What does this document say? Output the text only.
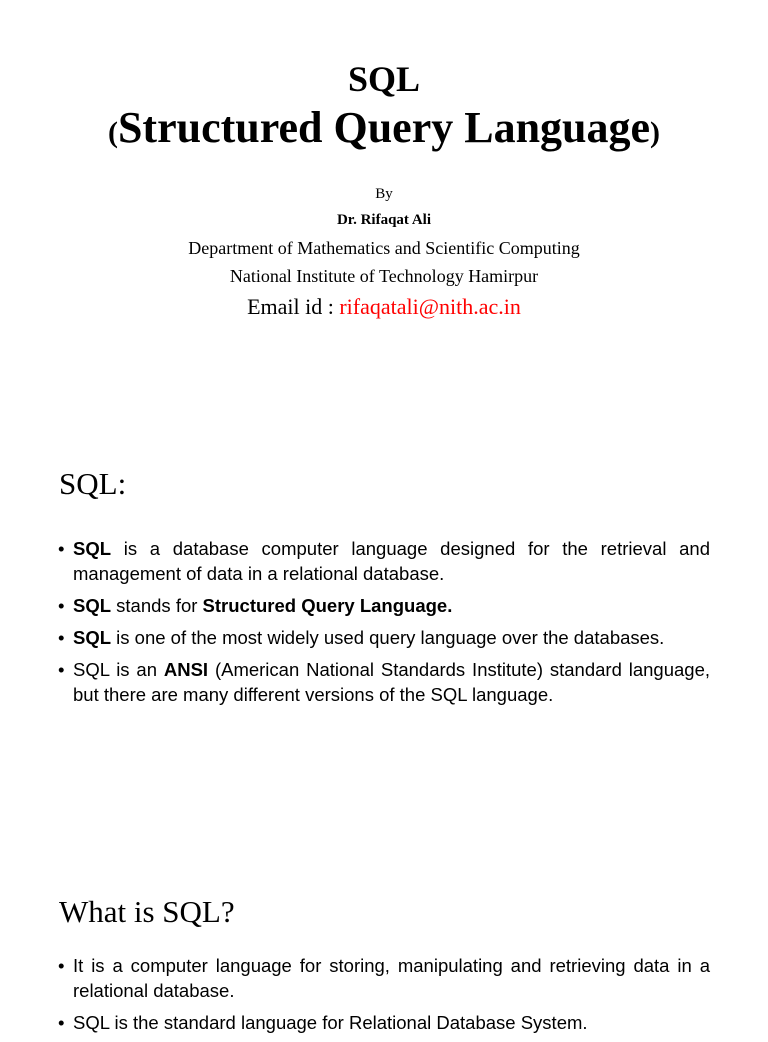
SQL
(Structured Query Language)
By
Dr. Rifaqat Ali
Department of Mathematics and Scientific Computing
National Institute of Technology Hamirpur
Email id : rifaqatali@nith.ac.in
SQL:
• SQL is a database computer language designed for the retrieval and management of data in a relational database.
• SQL stands for Structured Query Language.
• SQL is one of the most widely used query language over the databases.
• SQL is an ANSI (American National Standards Institute) standard language, but there are many different versions of the SQL language.
What is SQL?
• It is a computer language for storing, manipulating and retrieving data in a relational database.
• SQL is the standard language for Relational Database System.
